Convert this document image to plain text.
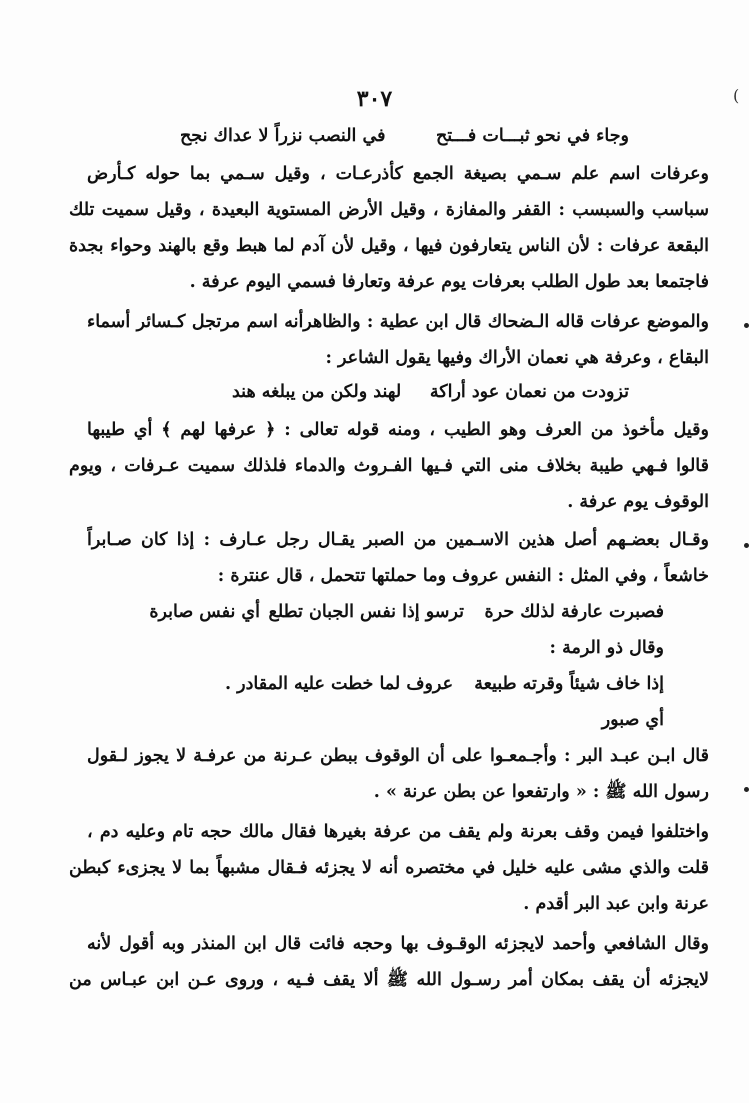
(
٣٠٧
وجاء في نحو ثبـــات فـــتح
في النصب نزراً لا عداك نجح
وعرفات اسم علم سـمي بصيغة الجمع كأذرعـات ، وقيل سـمي بما حوله كـأرض
سباسب والسبسب : القفر والمفازة ، وقيل الأرض المستوية البعيدة ، وقيل سميت تلك
البقعة عرفات : لأن الناس يتعارفون فيها ، وقيل لأن آدم لما هبط وقع بالهند وحواء بجدة
فاجتمعا بعد طول الطلب بعرفات يوم عرفة وتعارفا فسمي اليوم عرفة .
والموضع عرفات قاله الـضحاك قال ابن عطية : والظاهرأنه اسم مرتجل كـسائر أسماء
البقاع ، وعرفة هي نعمان الأراك وفيها يقول الشاعر :
تزودت من نعمان عود أراكة
لهند ولكن من يبلغه هند
وقيل مأخوذ من العرف وهو الطيب ، ومنه قوله تعالى : ﴿ عرفها لهم ﴾ أي طيبها
قالوا فـهي طيبة بخلاف منى التي فـيها الفـروث والدماء فلذلك سميت عـرفات ، ويوم
الوقوف يوم عرفة .
وقـال بعضـهم أصل هذين الاسـمين من الصبر يقـال رجل عـارف : إذا كان صـابراً
خاشعاً ، وفي المثل : النفس عروف وما حملتها تتحمل ، قال عنترة :
فصبرت عارفة لذلك حرة
ترسو إذا نفس الجبان تطلع
أي نفس صابرة
وقال ذو الرمة :
إذا خاف شيئاً وقرته طبيعة
عروف لما خطت عليه المقادر .
أي صبور
قال ابـن عبـد البر : وأجـمعـوا على أن الوقوف ببطن عـرنة من عرفـة لا يجوز لـقول
رسول الله ﷺ : « وارتفعوا عن بطن عرنة » .
واختلفوا فيمن وقف بعرنة ولم يقف من عرفة بغيرها فقال مالك حجه تام وعليه دم ،
قلت والذي مشى عليه خليل في مختصره أنه لا يجزئه فـقال مشبهاً بما لا يجزىء كبطن
عرنة وابن عبد البر أقدم .
وقال الشافعي وأحمد لايجزئه الوقـوف بها وحجه فائت قال ابن المنذر وبه أقول لأنه
لايجزئه أن يقف بمكان أمر رسـول الله ﷺ ألا يقف فـيه ، وروى عـن ابن عبـاس من
